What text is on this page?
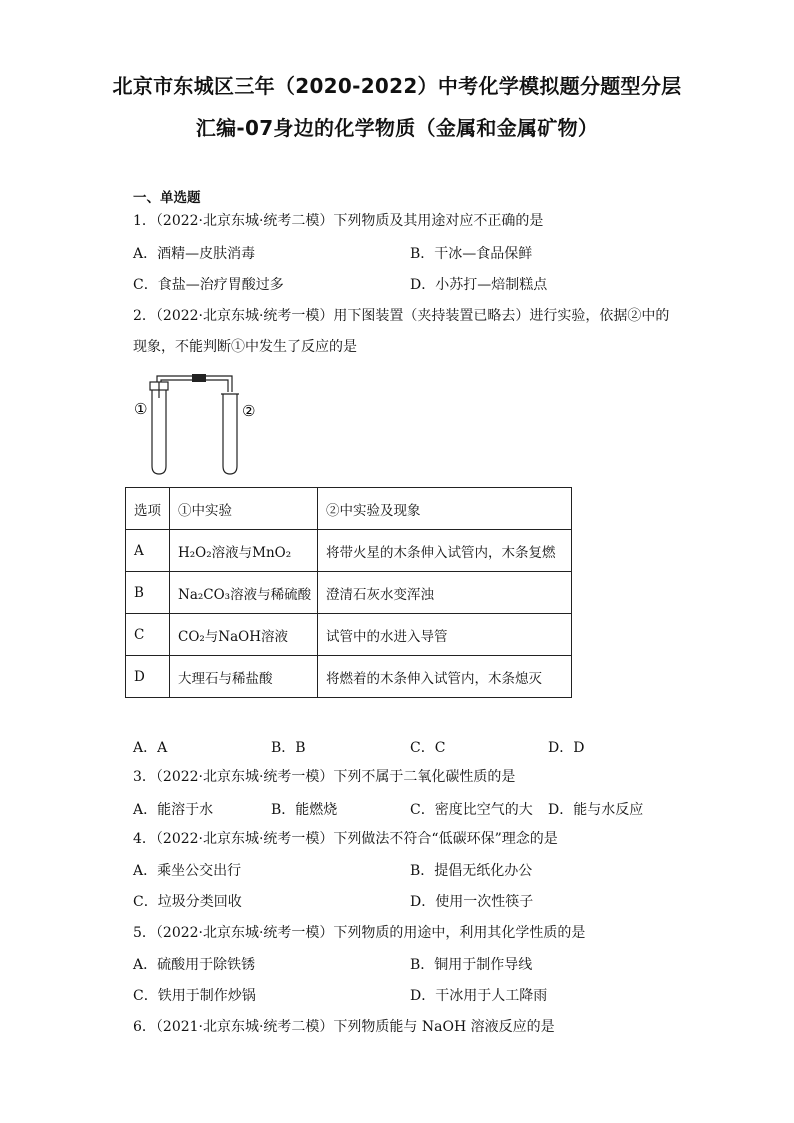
北京市东城区三年（2020-2022）中考化学模拟题分题型分层
汇编-07身边的化学物质（金属和金属矿物）
一、单选题
1．（2022·北京东城·统考二模）下列物质及其用途对应不正确的是
A．酒精—皮肤消毒	B．干冰—食品保鲜
C．食盐—治疗胃酸过多	D．小苏打—焙制糕点
2．（2022·北京东城·统考一模）用下图装置（夹持装置已略去）进行实验，依据②中的
现象，不能判断①中发生了反应的是
①	②
选项	①中实验	②中实验及现象
A	H₂O₂溶液与MnO₂	将带火星的木条伸入试管内，木条复燃
B	Na₂CO₃溶液与稀硫酸	澄清石灰水变浑浊
C	CO₂与NaOH溶液	试管中的水进入导管
D	大理石与稀盐酸	将燃着的木条伸入试管内，木条熄灭
A．A	B．B	C．C	D．D
3．（2022·北京东城·统考一模）下列不属于二氧化碳性质的是
A．能溶于水	B．能燃烧	C．密度比空气的大 D．能与水反应
4．（2022·北京东城·统考一模）下列做法不符合“低碳环保”理念的是
A．乘坐公交出行	B．提倡无纸化办公
C．垃圾分类回收	D．使用一次性筷子
5．（2022·北京东城·统考一模）下列物质的用途中，利用其化学性质的是
A．硫酸用于除铁锈	B．铜用于制作导线
C．铁用于制作炒锅	D．干冰用于人工降雨
6．（2021·北京东城·统考二模）下列物质能与 NaOH 溶液反应的是
